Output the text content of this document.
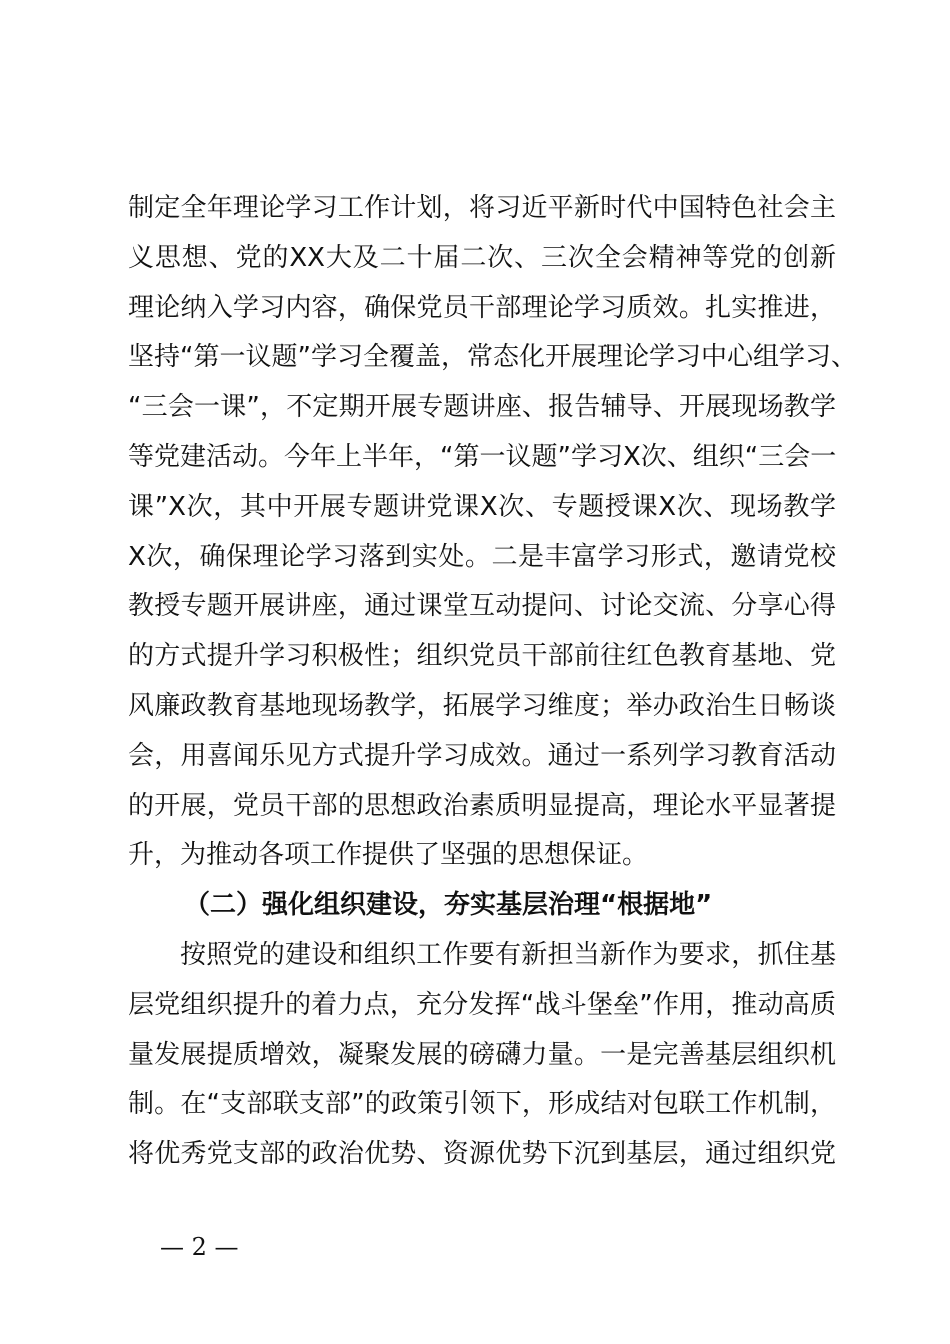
制定全年理论学习工作计划，将习近平新时代中国特色社会主
义思想、党的XX大及二十届二次、三次全会精神等党的创新
理论纳入学习内容，确保党员干部理论学习质效。扎实推进，
坚持“第一议题”学习全覆盖，常态化开展理论学习中心组学习、
“三会一课”，不定期开展专题讲座、报告辅导、开展现场教学
等党建活动。今年上半年，“第一议题”学习X次、组织“三会一
课”X次，其中开展专题讲党课X次、专题授课X次、现场教学
X次，确保理论学习落到实处。二是丰富学习形式，邀请党校
教授专题开展讲座，通过课堂互动提问、讨论交流、分享心得
的方式提升学习积极性；组织党员干部前往红色教育基地、党
风廉政教育基地现场教学，拓展学习维度；举办政治生日畅谈
会，用喜闻乐见方式提升学习成效。通过一系列学习教育活动
的开展，党员干部的思想政治素质明显提高，理论水平显著提
升，为推动各项工作提供了坚强的思想保证。
（二）强化组织建设，夯实基层治理“根据地”
按照党的建设和组织工作要有新担当新作为要求，抓住基
层党组织提升的着力点，充分发挥“战斗堡垒”作用，推动高质
量发展提质增效，凝聚发展的磅礴力量。一是完善基层组织机
制。在“支部联支部”的政策引领下，形成结对包联工作机制，
将优秀党支部的政治优势、资源优势下沉到基层，通过组织党
— 2 —
